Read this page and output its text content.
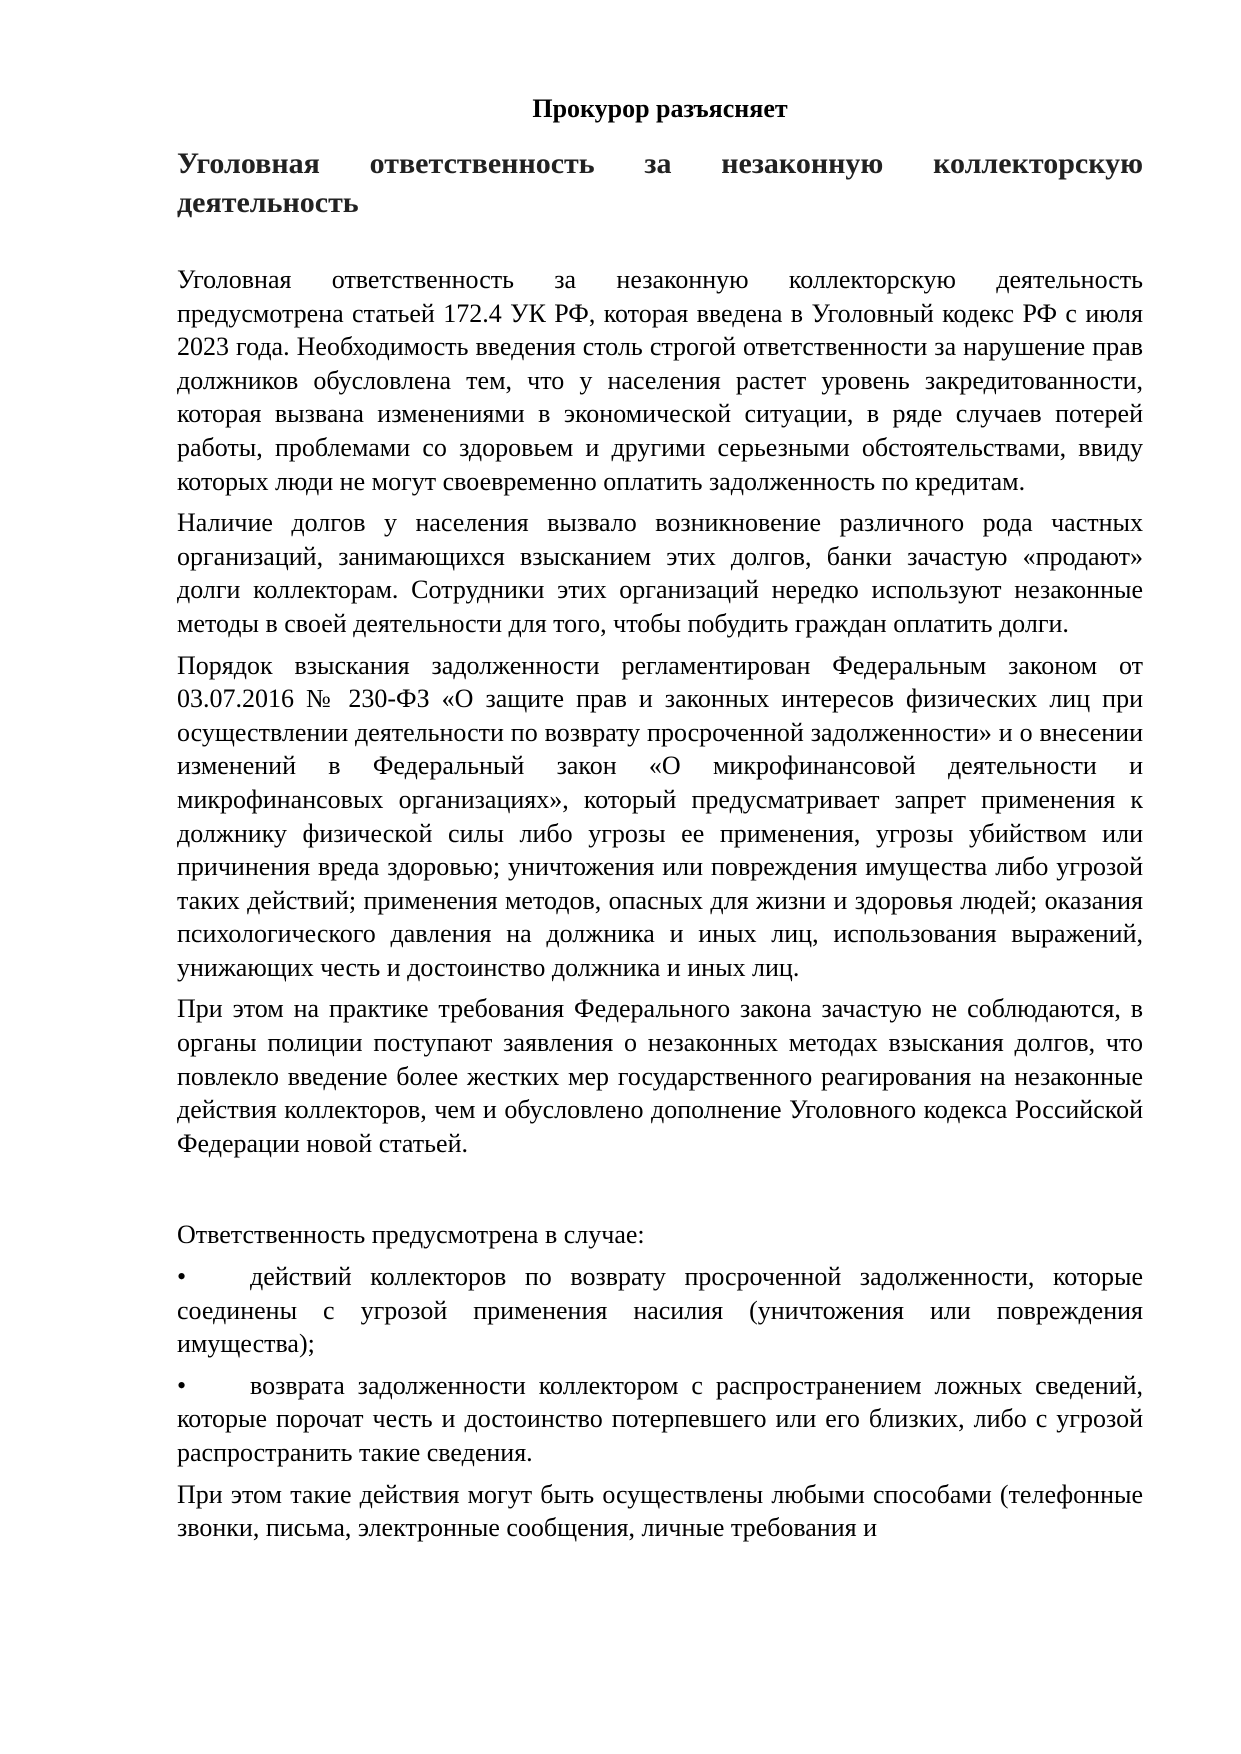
Прокурор разъясняет
Уголовная ответственность за незаконную коллекторскую деятельность

Уголовная ответственность за незаконную коллекторскую деятельность предусмотрена статьей 172.4 УК РФ, которая введена в Уголовный кодекс РФ с июля 2023 года. Необходимость введения столь строгой ответственности за нарушение прав должников обусловлена тем, что у населения растет уровень закредитованности, которая вызвана изменениями в экономической ситуации, в ряде случаев потерей работы, проблемами со здоровьем и другими серьезными обстоятельствами, ввиду которых люди не могут своевременно оплатить задолженность по кредитам.

Наличие долгов у населения вызвало возникновение различного рода частных организаций, занимающихся взысканием этих долгов, банки зачастую «продают» долги коллекторам. Сотрудники этих организаций нередко используют незаконные методы в своей деятельности для того, чтобы побудить граждан оплатить долги.

Порядок взыскания задолженности регламентирован Федеральным законом от 03.07.2016 № 230-ФЗ «О защите прав и законных интересов физических лиц при осуществлении деятельности по возврату просроченной задолженности» и о внесении изменений в Федеральный закон «О микрофинансовой деятельности и микрофинансовых организациях», который предусматривает запрет применения к должнику физической силы либо угрозы ее применения, угрозы убийством или причинения вреда здоровью; уничтожения или повреждения имущества либо угрозой таких действий; применения методов, опасных для жизни и здоровья людей; оказания психологического давления на должника и иных лиц, использования выражений, унижающих честь и достоинство должника и иных лиц.

При этом на практике требования Федерального закона зачастую не соблюдаются, в органы полиции поступают заявления о незаконных методах взыскания долгов, что повлекло введение более жестких мер государственного реагирования на незаконные действия коллекторов, чем и обусловлено дополнение Уголовного кодекса Российской Федерации новой статьей.

Ответственность предусмотрена в случае:

•	действий коллекторов по возврату просроченной задолженности, которые соединены с угрозой применения насилия (уничтожения или повреждения имущества);
•	возврата задолженности коллектором с распространением ложных сведений, которые порочат честь и достоинство потерпевшего или его близких, либо с угрозой распространить такие сведения.

При этом такие действия могут быть осуществлены любыми способами (телефонные звонки, письма, электронные сообщения, личные требования и
